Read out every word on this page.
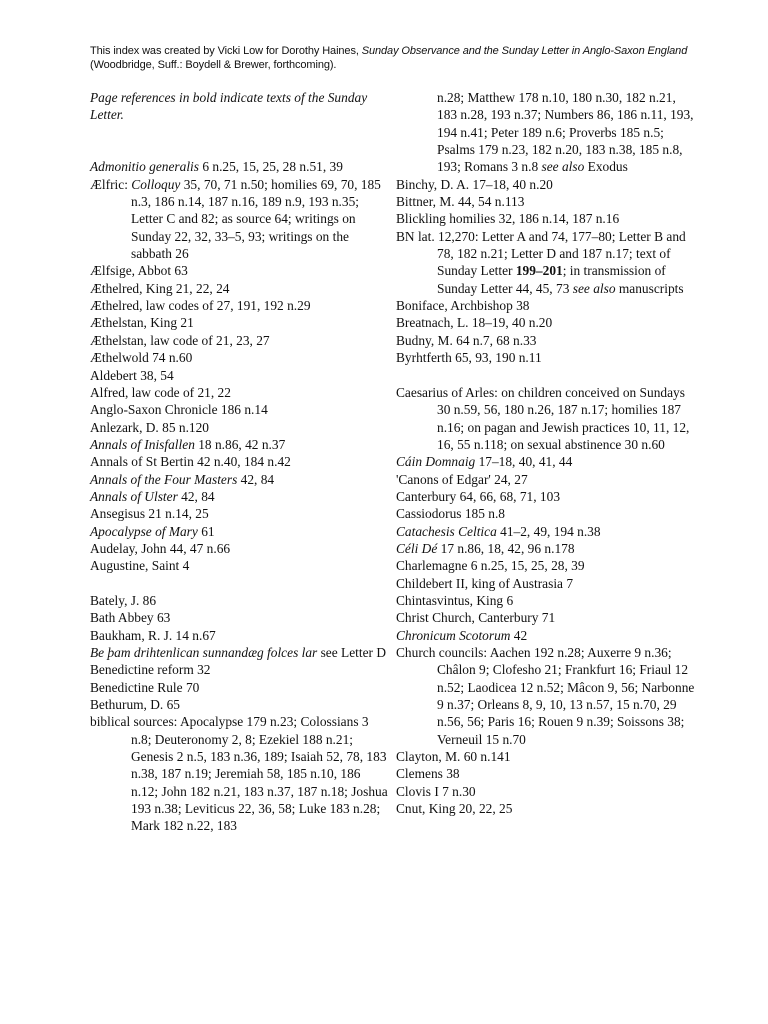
This index was created by Vicki Low for Dorothy Haines, Sunday Observance and the Sunday Letter in Anglo-Saxon England (Woodbridge, Suff.: Boydell & Brewer, forthcoming).
Page references in bold indicate texts of the Sunday Letter.
Admonitio generalis 6 n.25, 15, 25, 28 n.51, 39
Ælfric: Colloquy 35, 70, 71 n.50; homilies 69, 70, 185 n.3, 186 n.14, 187 n.16, 189 n.9, 193 n.35; Letter C and 82; as source 64; writings on Sunday 22, 32, 33–5, 93; writings on the sabbath 26
Ælfsige, Abbot 63
Æthelred, King 21, 22, 24
Æthelred, law codes of 27, 191, 192 n.29
Æthelstan, King 21
Æthelstan, law code of 21, 23, 27
Æthelwold 74 n.60
Aldebert 38, 54
Alfred, law code of 21, 22
Anglo-Saxon Chronicle 186 n.14
Anlezark, D. 85 n.120
Annals of Inisfallen 18 n.86, 42 n.37
Annals of St Bertin 42 n.40, 184 n.42
Annals of the Four Masters 42, 84
Annals of Ulster 42, 84
Ansegisus 21 n.14, 25
Apocalypse of Mary 61
Audelay, John 44, 47 n.66
Augustine, Saint 4
Bately, J. 86
Bath Abbey 63
Baukham, R. J. 14 n.67
Be þam drihtenlican sunnandæg folces lar see Letter D
Benedictine reform 32
Benedictine Rule 70
Bethurum, D. 65
biblical sources: Apocalypse 179 n.23; Colossians 3 n.8; Deuteronomy 2, 8; Ezekiel 188 n.21; Genesis 2 n.5, 183 n.36, 189; Isaiah 52, 78, 183 n.38, 187 n.19; Jeremiah 58, 185 n.10, 186 n.12; John 182 n.21, 183 n.37, 187 n.18; Joshua 193 n.38; Leviticus 22, 36, 58; Luke 183 n.28; Mark 182 n.22, 183
n.28; Matthew 178 n.10, 180 n.30, 182 n.21, 183 n.28, 193 n.37; Numbers 86, 186 n.11, 193, 194 n.41; Peter 189 n.6; Proverbs 185 n.5; Psalms 179 n.23, 182 n.20, 183 n.38, 185 n.8, 193; Romans 3 n.8 see also Exodus
Binchy, D. A. 17–18, 40 n.20
Bittner, M. 44, 54 n.113
Blickling homilies 32, 186 n.14, 187 n.16
BN lat. 12,270: Letter A and 74, 177–80; Letter B and 78, 182 n.21; Letter D and 187 n.17; text of Sunday Letter 199–201; in transmission of Sunday Letter 44, 45, 73 see also manuscripts
Boniface, Archbishop 38
Breatnach, L. 18–19, 40 n.20
Budny, M. 64 n.7, 68 n.33
Byrhtferth 65, 93, 190 n.11
Caesarius of Arles: on children conceived on Sundays 30 n.59, 56, 180 n.26, 187 n.17; homilies 187 n.16; on pagan and Jewish practices 10, 11, 12, 16, 55 n.118; on sexual abstinence 30 n.60
Cáin Domnaig 17–18, 40, 41, 44
'Canons of Edgar' 24, 27
Canterbury 64, 66, 68, 71, 103
Cassiodorus 185 n.8
Catachesis Celtica 41–2, 49, 194 n.38
Céli Dé 17 n.86, 18, 42, 96 n.178
Charlemagne 6 n.25, 15, 25, 28, 39
Childebert II, king of Austrasia 7
Chintasvintus, King 6
Christ Church, Canterbury 71
Chronicum Scotorum 42
Church councils: Aachen 192 n.28; Auxerre 9 n.36; Châlon 9; Clofesho 21; Frankfurt 16; Friaul 12 n.52; Laodicea 12 n.52; Mâcon 9, 56; Narbonne 9 n.37; Orleans 8, 9, 10, 13 n.57, 15 n.70, 29 n.56, 56; Paris 16; Rouen 9 n.39; Soissons 38; Verneuil 15 n.70
Clayton, M. 60 n.141
Clemens 38
Clovis I 7 n.30
Cnut, King 20, 22, 25
